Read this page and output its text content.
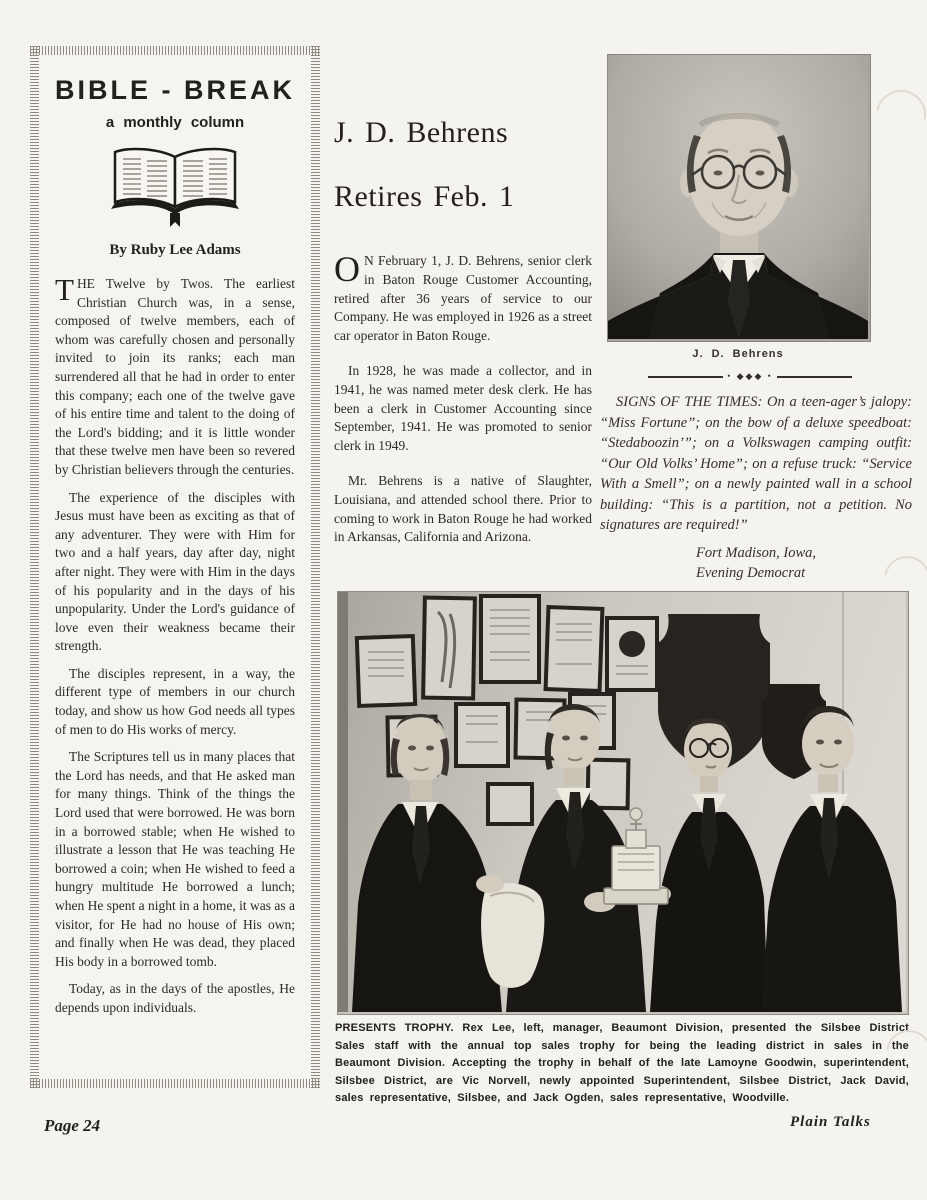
BIBLE - BREAK
a monthly column
By Ruby Lee Adams

THE Twelve by Twos. The earliest Christian Church was, in a sense, composed of twelve members, each of whom was carefully chosen and personally invited to join its ranks; each man surrendered all that he had in order to enter this company; each one of the twelve gave of his entire time and talent to the doing of the Lord's bidding; and it is little wonder that these twelve men have been so revered by Christian believers through the centuries.

The experience of the disciples with Jesus must have been as exciting as that of any adventurer. They were with Him for two and a half years, day after day, night after night. They were with Him in the days of his popularity and in the days of his unpopularity. Under the Lord's guidance of love even their weakness became their strength.

The disciples represent, in a way, the different type of members in our church today, and show us how God needs all types of men to do His works of mercy.

The Scriptures tell us in many places that the Lord has needs, and that He asked man for many things. Think of the things the Lord used that were borrowed. He was born in a borrowed stable; when He wished to illustrate a lesson that He was teaching He borrowed a coin; when He wished to feed a hungry multitude He borrowed a lunch; when He spent a night in a home, it was as a visitor, for He had no house of His own; and finally when He was dead, they placed His body in a borrowed tomb.

Today, as in the days of the apostles, He depends upon individuals.

J. D. Behrens
Retires Feb. 1

O N February 1, J. D. Behrens, senior clerk in Baton Rouge Customer Accounting, retired after 36 years of service to our Company. He was employed in 1926 as a street car operator in Baton Rouge.

In 1928, he was made a collector, and in 1941, he was named meter desk clerk. He has been a clerk in Customer Accounting since September, 1941. He was promoted to senior clerk in 1949.

Mr. Behrens is a native of Slaughter, Louisiana, and attended school there. Prior to coming to work in Baton Rouge he had worked in Arkansas, California and Arizona.

J. D. Behrens
• ◆◆◆ •
SIGNS OF THE TIMES: On a teen-ager’s jalopy: “Miss Fortune”; on the bow of a deluxe speedboat: “Stedaboozin’”; on a Volkswagen camping outfit: “Our Old Volks’ Home”; on a refuse truck: “Service With a Smell”; on a newly painted wall in a school building: “This is a partition, not a petition. No signatures are required!”
Fort Madison, Iowa,
Evening Democrat
PRESENTS TROPHY. Rex Lee, left, manager, Beaumont Division, presented the Silsbee District Sales staff with the annual top sales trophy for being the leading district in sales in the Beaumont Division. Accepting the trophy in behalf of the late Lamoyne Goodwin, superintendent, Silsbee District, are Vic Norvell, newly appointed Superintendent, Silsbee District, Jack David, sales representative, Silsbee, and Jack Ogden, sales representative, Woodville.
Page 24	Plain Talks
